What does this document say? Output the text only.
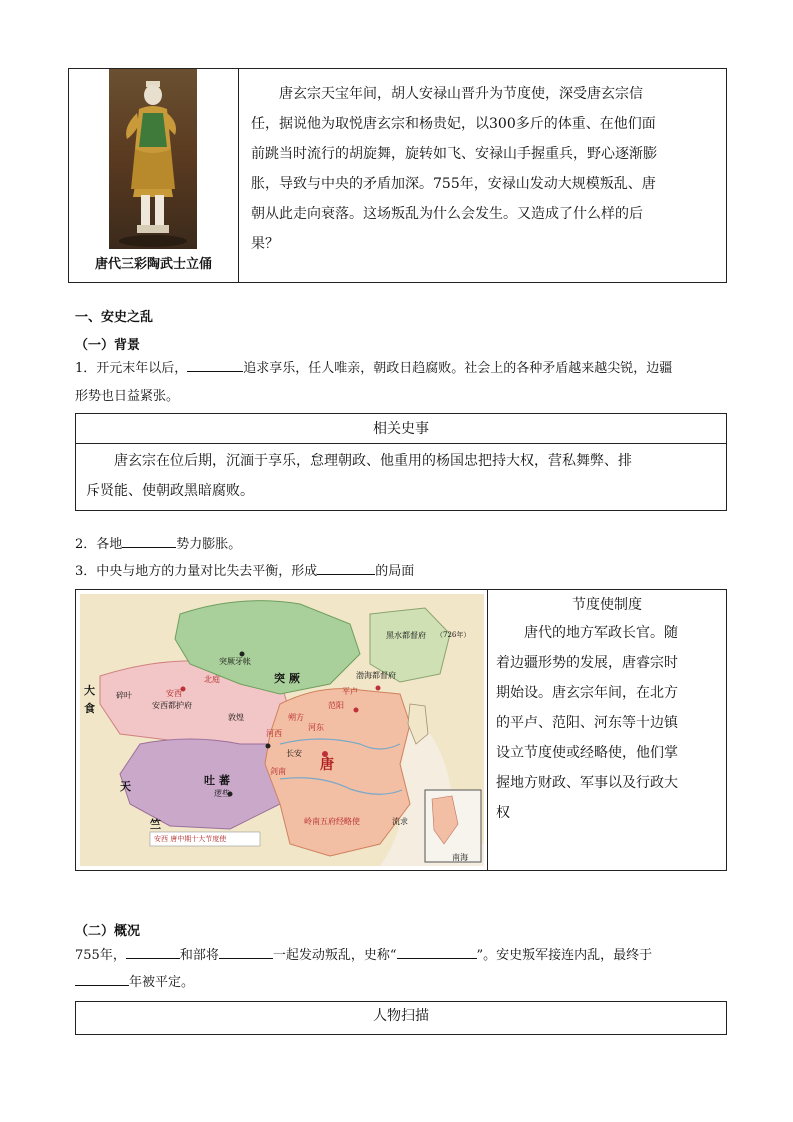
唐代三彩陶武士立俑
唐玄宗天宝年间，胡人安禄山晋升为节度使，深受唐玄宗信
任，据说他为取悦唐玄宗和杨贵妃，以300多斤的体重、在他们面
前跳当时流行的胡旋舞，旋转如飞、安禄山手握重兵，野心逐渐膨
胀，导致与中央的矛盾加深。755年，安禄山发动大规模叛乱、唐
朝从此走向衰落。这场叛乱为什么会发生。又造成了什么样的后
果？
一、安史之乱
（一）背景
1．开元末年以后，	追求享乐，任人唯亲，朝政日趋腐败。社会上的各种矛盾越来越尖锐，边疆
形势也日益紧张。
相关史事
唐玄宗在位后期，沉湎于享乐，怠理朝政、他重用的杨国忠把持大权，营私舞弊、排
斥贤能、使朝政黑暗腐败。
2．各地	势力膨胀。
3．中央与地方的力量对比失去平衡，形成	的局面
唐
吐 蕃
突 厥
突厥牙帐
大
食
天
竺
长安
逻些
北庭
安西
安西都护府
敦煌
河西
范阳
平卢
河东
朔方
剑南
岭南五府经略使
渤海都督府
黑水都督府 （726年）
碎叶
流求
南海
安西 唐中期十大节度使
节度使制度
唐代的地方军政长官。随
着边疆形势的发展，唐睿宗时
期始设。唐玄宗年间，在北方
的平卢、范阳、河东等十边镇
设立节度使或经略使，他们掌
握地方财政、军事以及行政大
权
（二）概况
755年，	和部将	一起发动叛乱，史称“	”。安史叛军接连内乱，最终于
年被平定。
人物扫描
